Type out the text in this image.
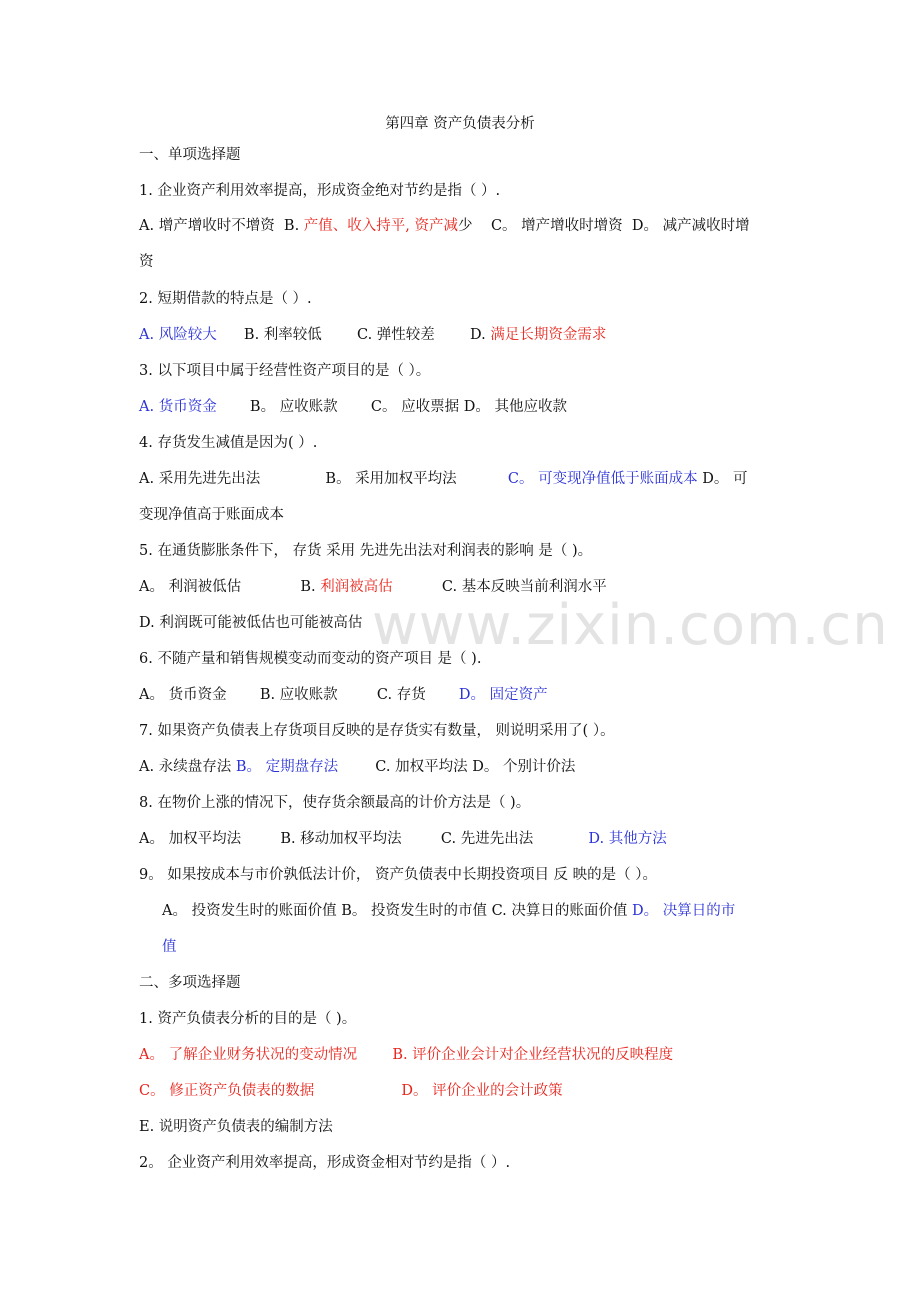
www.zixin.com.cn
第四章 资产负债表分析
一、单项选择题
1. 企业资产利用效率提高，形成资金绝对节约是指（ ）.
A. 增产增收时不增资 B. 产值、收入持平, 资产减少 C。 增产增收时增资 D。 减产减收时增
资
2. 短期借款的特点是（ ）.
A. 风险较大 B. 利率较低 C. 弹性较差 D. 满足长期资金需求
3. 以下项目中属于经营性资产项目的是（ ）。
A. 货币资金 B。 应收账款 C。 应收票据 D。 其他应收款
4. 存货发生减值是因为( ）.
A. 采用先进先出法	B。 采用加权平均法	C。 可变现净值低于账面成本 D。 可
变现净值高于账面成本
5. 在通货膨胀条件下， 存货 采用 先进先出法对利润表的影响 是（ )。
A。 利润被低估	B. 利润被高估	C. 基本反映当前利润水平
D. 利润既可能被低估也可能被高估
6. 不随产量和销售规模变动而变动的资产项目 是（ ).
A。 货币资金 B. 应收账款	C. 存货 D。 固定资产
7. 如果资产负债表上存货项目反映的是存货实有数量， 则说明采用了( ）。
A. 永续盘存法 B。 定期盘存法	C. 加权平均法 D。 个别计价法
8. 在物价上涨的情况下，使存货余额最高的计价方法是（ )。
A。 加权平均法	B. 移动加权平均法	C. 先进先出法	D. 其他方法
9。 如果按成本与市价孰低法计价， 资产负债表中长期投资项目 反 映的是（ ）。
A。 投资发生时的账面价值 B。 投资发生时的市值 C. 决算日的账面价值 D。 决算日的市
值
二、多项选择题
1. 资产负债表分析的目的是（ )。
A。 了解企业财务状况的变动情况 B. 评价企业会计对企业经营状况的反映程度
C。 修正资产负债表的数据	D。 评价企业的会计政策
E. 说明资产负债表的编制方法
2。 企业资产利用效率提高，形成资金相对节约是指（ ）.
